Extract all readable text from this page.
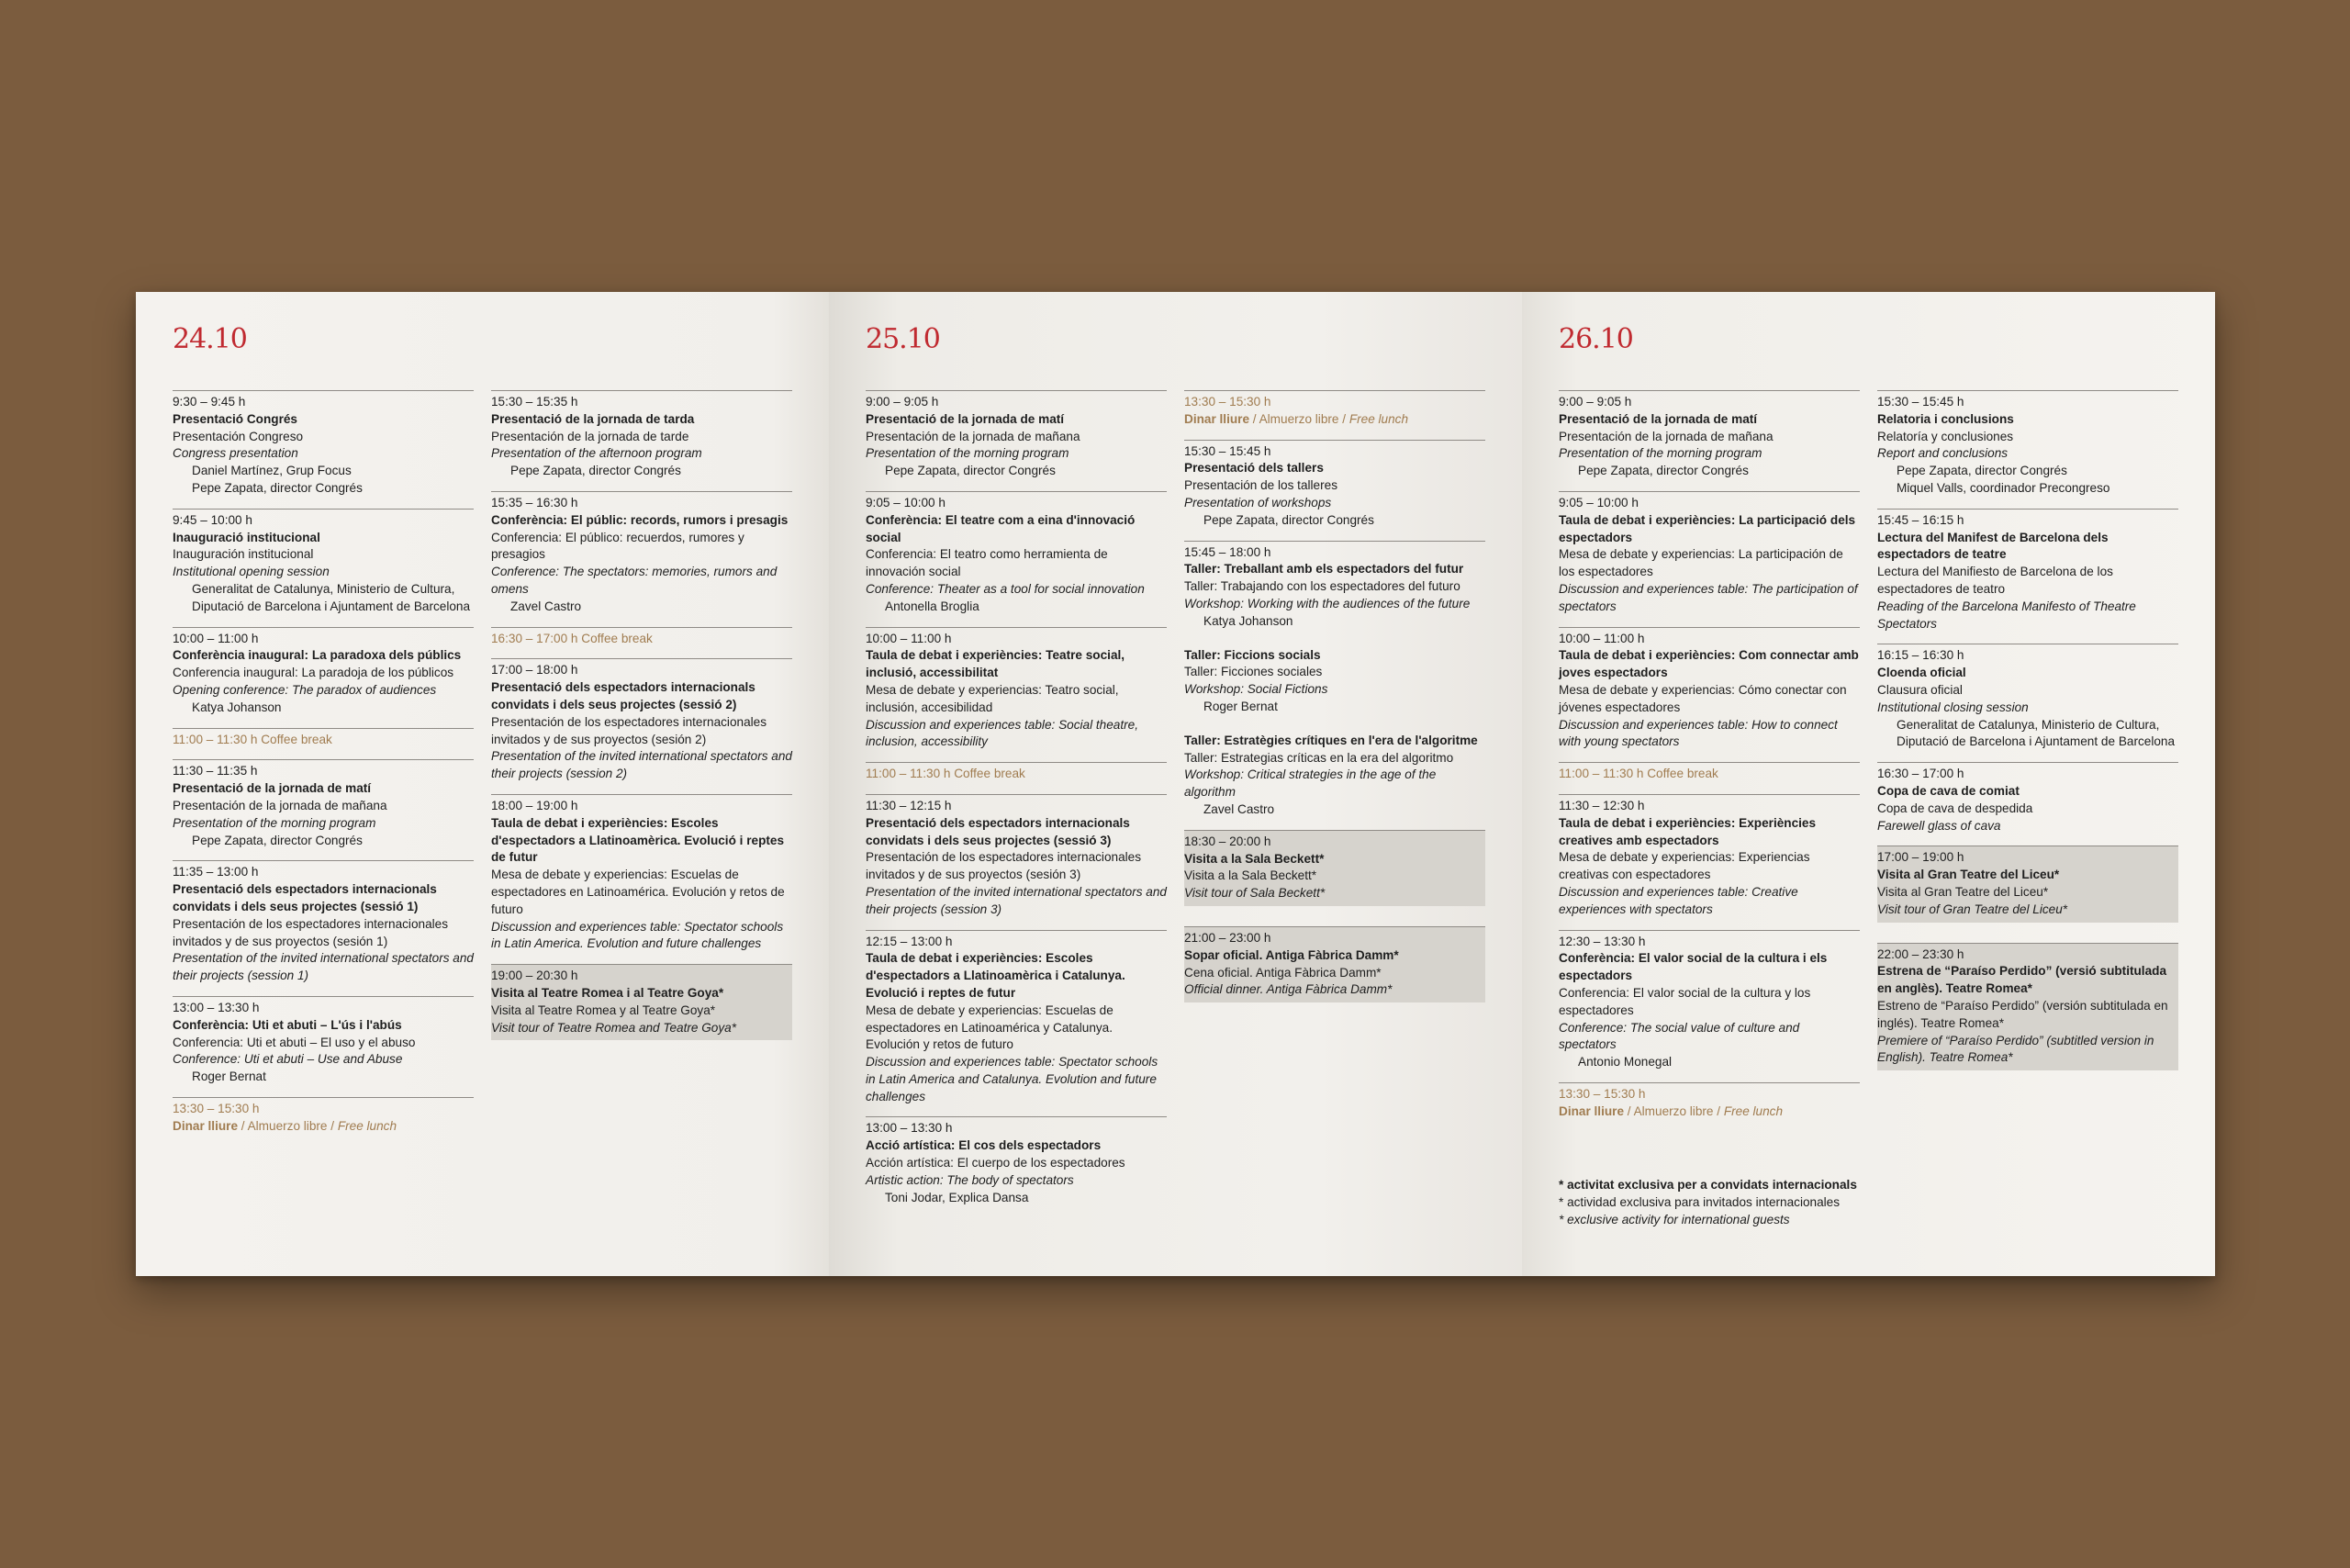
24.10
9:30 – 9:45 h
Presentació Congrés
Presentación Congreso
Congress presentation
Daniel Martínez, Grup Focus
Pepe Zapata, director Congrés
9:45 – 10:00 h
Inauguració institucional
Inauguración institucional
Institutional opening session
Generalitat de Catalunya, Ministerio de Cultura, Diputació de Barcelona i Ajuntament de Barcelona
10:00 – 11:00 h
Conferència inaugural: La paradoxa dels públics
Conferencia inaugural: La paradoja de los públicos
Opening conference: The paradox of audiences
Katya Johanson
11:00 – 11:30 h Coffee break
11:30 – 11:35 h
Presentació de la jornada de matí
Presentación de la jornada de mañana
Presentation of the morning program
Pepe Zapata, director Congrés
11:35 – 13:00 h
Presentació dels espectadors internacionals convidats i dels seus projectes (sessió 1)
Presentación de los espectadores internacionales invitados y de sus proyectos (sesión 1)
Presentation of the invited international spectators and their projects (session 1)
13:00 – 13:30 h
Conferència: Uti et abuti – L'ús i l'abús
Conferencia: Uti et abuti – El uso y el abuso
Conference: Uti et abuti – Use and Abuse
Roger Bernat
13:30 – 15:30 h
Dinar lliure / Almuerzo libre / Free lunch
15:30 – 15:35 h
Presentació de la jornada de tarda
Presentación de la jornada de tarde
Presentation of the afternoon program
Pepe Zapata, director Congrés
15:35 – 16:30 h
Conferència: El públic: records, rumors i presagis
Conferencia: El público: recuerdos, rumores y presagios
Conference: The spectators: memories, rumors and omens
Zavel Castro
16:30 – 17:00 h Coffee break
17:00 – 18:00 h
Presentació dels espectadors internacionals convidats i dels seus projectes (sessió 2)
Presentación de los espectadores internacionales invitados y de sus proyectos (sesión 2)
Presentation of the invited international spectators and their projects (session 2)
18:00 – 19:00 h
Taula de debat i experiències: Escoles d'espectadors a Llatinoamèrica. Evolució i reptes de futur
Mesa de debate y experiencias: Escuelas de espectadores en Latinoamérica. Evolución y retos de futuro
Discussion and experiences table: Spectator schools in Latin America. Evolution and future challenges
19:00 – 20:30 h
Visita al Teatre Romea i al Teatre Goya*
Visita al Teatre Romea y al Teatre Goya*
Visit tour of Teatre Romea and Teatre Goya*
25.10
9:00 – 9:05 h
Presentació de la jornada de matí
Presentación de la jornada de mañana
Presentation of the morning program
Pepe Zapata, director Congrés
9:05 – 10:00 h
Conferència: El teatre com a eina d'innovació social
Conferencia: El teatro como herramienta de innovación social
Conference: Theater as a tool for social innovation
Antonella Broglia
10:00 – 11:00 h
Taula de debat i experiències: Teatre social, inclusió, accessibilitat
Mesa de debate y experiencias: Teatro social, inclusión, accesibilidad
Discussion and experiences table: Social theatre, inclusion, accessibility
11:00 – 11:30 h Coffee break
11:30 – 12:15 h
Presentació dels espectadors internacionals convidats i dels seus projectes (sessió 3)
Presentación de los espectadores internacionales invitados y de sus proyectos (sesión 3)
Presentation of the invited international spectators and their projects (session 3)
12:15 – 13:00 h
Taula de debat i experiències: Escoles d'espectadors a Llatinoamèrica i Catalunya. Evolució i reptes de futur
Mesa de debate y experiencias: Escuelas de espectadores en Latinoamérica y Catalunya. Evolución y retos de futuro
Discussion and experiences table: Spectator schools in Latin America and Catalunya. Evolution and future challenges
13:00 – 13:30 h
Acció artística: El cos dels espectadors
Acción artística: El cuerpo de los espectadores
Artistic action: The body of spectators
Toni Jodar, Explica Dansa
13:30 – 15:30 h
Dinar lliure / Almuerzo libre / Free lunch
15:30 – 15:45 h
Presentació dels tallers
Presentación de los talleres
Presentation of workshops
Pepe Zapata, director Congrés
15:45 – 18:00 h
Taller: Treballant amb els espectadors del futur
Taller: Trabajando con los espectadores del futuro
Workshop: Working with the audiences of the future
Katya Johanson
Taller: Ficcions socials
Taller: Ficciones sociales
Workshop: Social Fictions
Roger Bernat
Taller: Estratègies crítiques en l'era de l'algoritme
Taller: Estrategias críticas en la era del algoritmo
Workshop: Critical strategies in the age of the algorithm
Zavel Castro
18:30 – 20:00 h
Visita a la Sala Beckett*
Visita a la Sala Beckett*
Visit tour of Sala Beckett*
21:00 – 23:00 h
Sopar oficial. Antiga Fàbrica Damm*
Cena oficial. Antiga Fàbrica Damm*
Official dinner. Antiga Fàbrica Damm*
26.10
9:00 – 9:05 h
Presentació de la jornada de matí
Presentación de la jornada de mañana
Presentation of the morning program
Pepe Zapata, director Congrés
9:05 – 10:00 h
Taula de debat i experiències: La participació dels espectadors
Mesa de debate y experiencias: La participación de los espectadores
Discussion and experiences table: The participation of spectators
10:00 – 11:00 h
Taula de debat i experiències: Com connectar amb joves espectadors
Mesa de debate y experiencias: Cómo conectar con jóvenes espectadores
Discussion and experiences table: How to connect with young spectators
11:00 – 11:30 h Coffee break
11:30 – 12:30 h
Taula de debat i experiències: Experiències creatives amb espectadors
Mesa de debate y experiencias: Experiencias creativas con espectadores
Discussion and experiences table: Creative experiences with spectators
12:30 – 13:30 h
Conferència: El valor social de la cultura i els espectadors
Conferencia: El valor social de la cultura y los espectadores
Conference: The social value of culture and spectators
Antonio Monegal
13:30 – 15:30 h
Dinar lliure / Almuerzo libre / Free lunch
* activitat exclusiva per a convidats internacionals
* actividad exclusiva para invitados internacionales
* exclusive activity for international guests
15:30 – 15:45 h
Relatoria i conclusions
Relatoría y conclusiones
Report and conclusions
Pepe Zapata, director Congrés
Miquel Valls, coordinador Precongreso
15:45 – 16:15 h
Lectura del Manifest de Barcelona dels espectadors de teatre
Lectura del Manifiesto de Barcelona de los espectadores de teatro
Reading of the Barcelona Manifesto of Theatre Spectators
16:15 – 16:30 h
Cloenda oficial
Clausura oficial
Institutional closing session
Generalitat de Catalunya, Ministerio de Cultura, Diputació de Barcelona i Ajuntament de Barcelona
16:30 – 17:00 h
Copa de cava de comiat
Copa de cava de despedida
Farewell glass of cava
17:00 – 19:00 h
Visita al Gran Teatre del Liceu*
Visita al Gran Teatre del Liceu*
Visit tour of Gran Teatre del Liceu*
22:00 – 23:30 h
Estrena de “Paraíso Perdido” (versió subtitulada en anglès). Teatre Romea*
Estreno de “Paraíso Perdido” (versión subtitulada en inglés). Teatre Romea*
Premiere of “Paraíso Perdido” (subtitled version in English). Teatre Romea*
